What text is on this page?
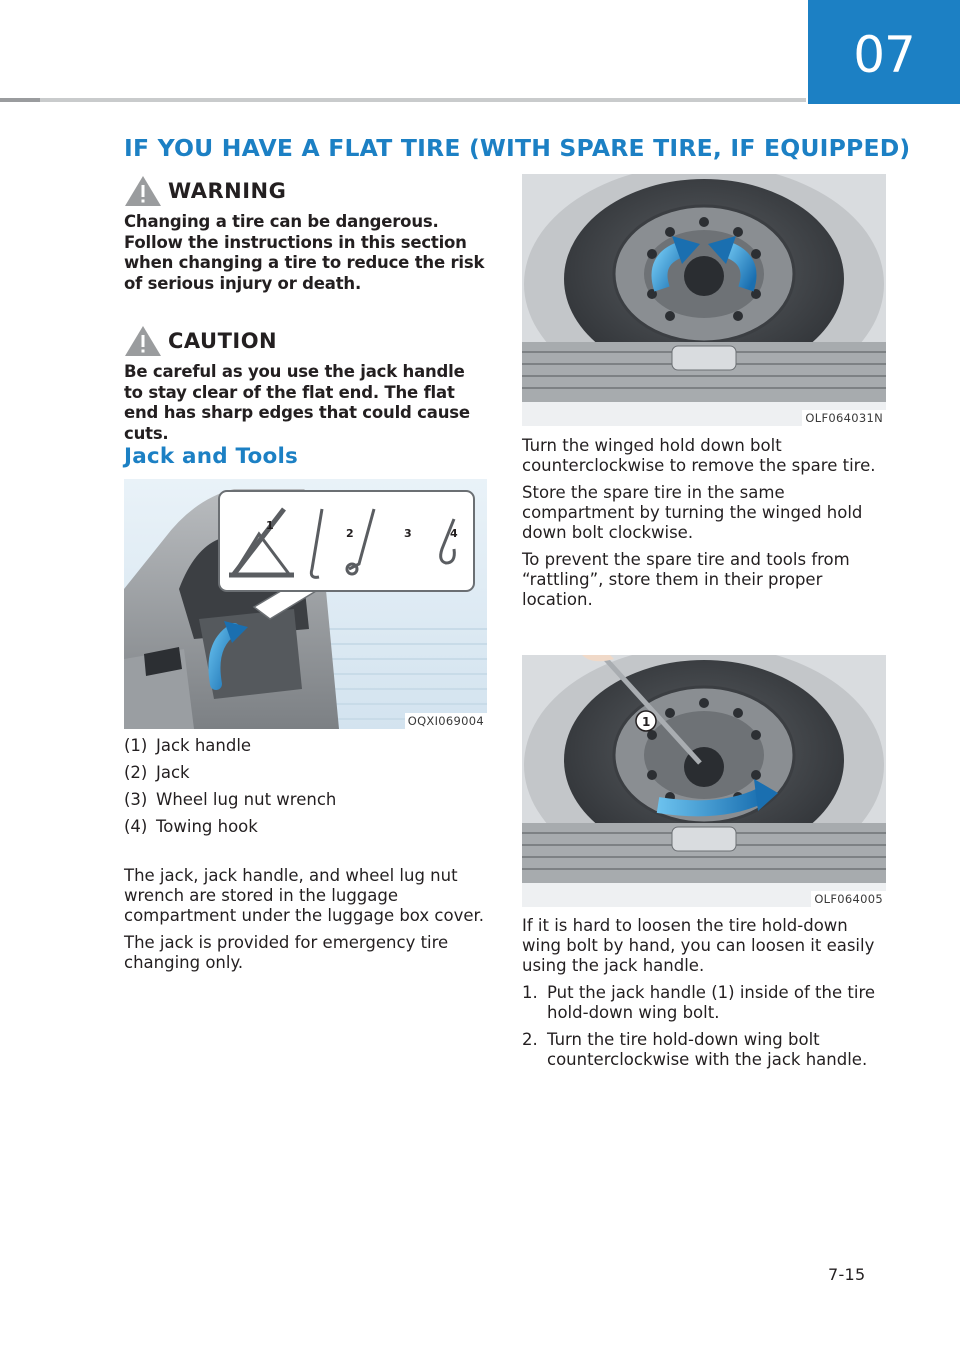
07
IF YOU HAVE A FLAT TIRE (WITH SPARE TIRE, IF EQUIPPED)
WARNING

Changing a tire can be dangerous. Follow the instructions in this section when changing a tire to reduce the risk of serious injury or death.

CAUTION

Be careful as you use the jack handle to stay clear of the flat end. The flat end has sharp edges that could cause cuts.

Jack and Tools
1
2	3	4
OQXI069004
(1) Jack handle
(2) Jack
(3) Wheel lug nut wrench
(4) Towing hook

The jack, jack handle, and wheel lug nut wrench are stored in the luggage compartment under the luggage box cover.

The jack is provided for emergency tire changing only.

OLF064031N

Turn the winged hold down bolt counterclockwise to remove the spare tire.

Store the spare tire in the same compartment by turning the winged hold down bolt clockwise.

To prevent the spare tire and tools from “rattling”, store them in their proper location.

1
OLF064005

If it is hard to loosen the tire hold-down wing bolt by hand, you can loosen it easily using the jack handle.

1. Put the jack handle (1) inside of the tire hold-down wing bolt.
2. Turn the tire hold-down wing bolt counterclockwise with the jack handle.
7-15
